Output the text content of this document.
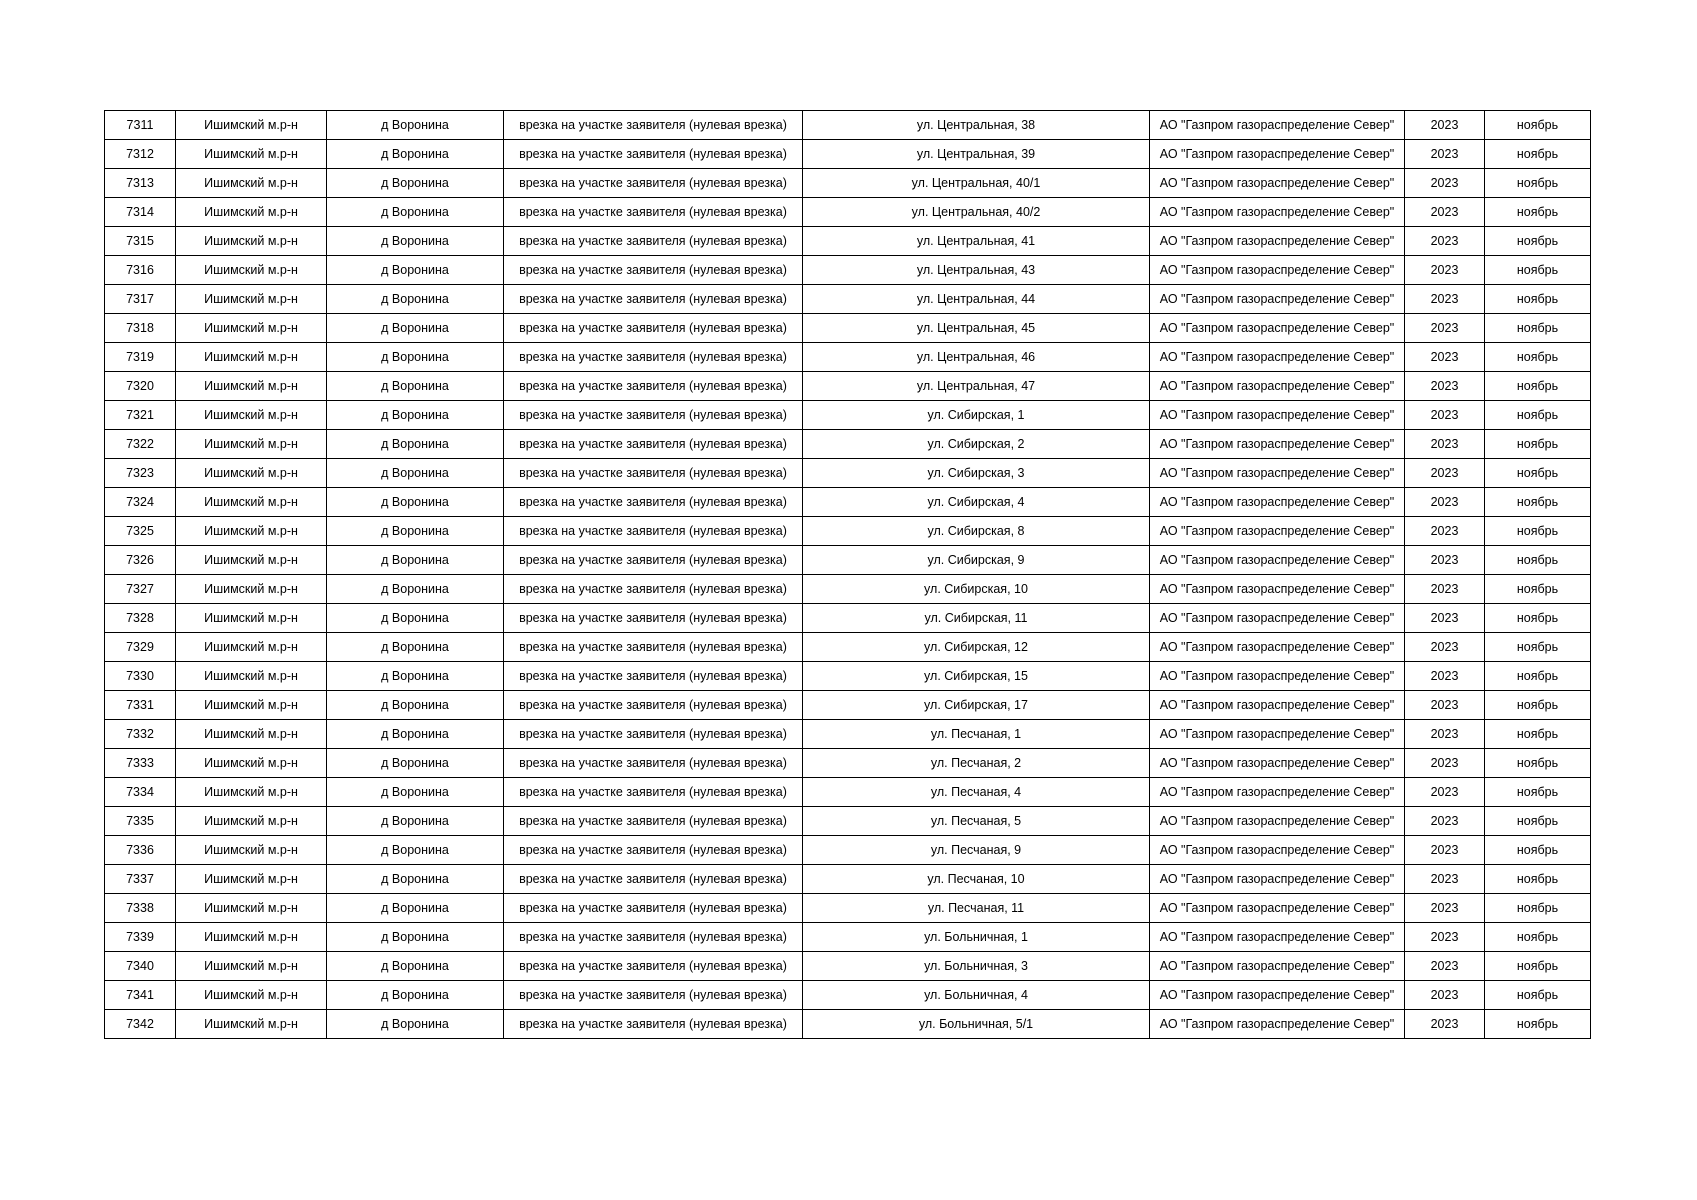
7311	Ишимский м.р-н	д Воронина	врезка на участке заявителя (нулевая врезка)	ул. Центральная, 38	АО "Газпром газораспределение Север"	2023	ноябрь
7312	Ишимский м.р-н	д Воронина	врезка на участке заявителя (нулевая врезка)	ул. Центральная, 39	АО "Газпром газораспределение Север"	2023	ноябрь
7313	Ишимский м.р-н	д Воронина	врезка на участке заявителя (нулевая врезка)	ул. Центральная, 40/1	АО "Газпром газораспределение Север"	2023	ноябрь
7314	Ишимский м.р-н	д Воронина	врезка на участке заявителя (нулевая врезка)	ул. Центральная, 40/2	АО "Газпром газораспределение Север"	2023	ноябрь
7315	Ишимский м.р-н	д Воронина	врезка на участке заявителя (нулевая врезка)	ул. Центральная, 41	АО "Газпром газораспределение Север"	2023	ноябрь
7316	Ишимский м.р-н	д Воронина	врезка на участке заявителя (нулевая врезка)	ул. Центральная, 43	АО "Газпром газораспределение Север"	2023	ноябрь
7317	Ишимский м.р-н	д Воронина	врезка на участке заявителя (нулевая врезка)	ул. Центральная, 44	АО "Газпром газораспределение Север"	2023	ноябрь
7318	Ишимский м.р-н	д Воронина	врезка на участке заявителя (нулевая врезка)	ул. Центральная, 45	АО "Газпром газораспределение Север"	2023	ноябрь
7319	Ишимский м.р-н	д Воронина	врезка на участке заявителя (нулевая врезка)	ул. Центральная, 46	АО "Газпром газораспределение Север"	2023	ноябрь
7320	Ишимский м.р-н	д Воронина	врезка на участке заявителя (нулевая врезка)	ул. Центральная, 47	АО "Газпром газораспределение Север"	2023	ноябрь
7321	Ишимский м.р-н	д Воронина	врезка на участке заявителя (нулевая врезка)	ул. Сибирская, 1	АО "Газпром газораспределение Север"	2023	ноябрь
7322	Ишимский м.р-н	д Воронина	врезка на участке заявителя (нулевая врезка)	ул. Сибирская, 2	АО "Газпром газораспределение Север"	2023	ноябрь
7323	Ишимский м.р-н	д Воронина	врезка на участке заявителя (нулевая врезка)	ул. Сибирская, 3	АО "Газпром газораспределение Север"	2023	ноябрь
7324	Ишимский м.р-н	д Воронина	врезка на участке заявителя (нулевая врезка)	ул. Сибирская, 4	АО "Газпром газораспределение Север"	2023	ноябрь
7325	Ишимский м.р-н	д Воронина	врезка на участке заявителя (нулевая врезка)	ул. Сибирская, 8	АО "Газпром газораспределение Север"	2023	ноябрь
7326	Ишимский м.р-н	д Воронина	врезка на участке заявителя (нулевая врезка)	ул. Сибирская, 9	АО "Газпром газораспределение Север"	2023	ноябрь
7327	Ишимский м.р-н	д Воронина	врезка на участке заявителя (нулевая врезка)	ул. Сибирская, 10	АО "Газпром газораспределение Север"	2023	ноябрь
7328	Ишимский м.р-н	д Воронина	врезка на участке заявителя (нулевая врезка)	ул. Сибирская, 11	АО "Газпром газораспределение Север"	2023	ноябрь
7329	Ишимский м.р-н	д Воронина	врезка на участке заявителя (нулевая врезка)	ул. Сибирская, 12	АО "Газпром газораспределение Север"	2023	ноябрь
7330	Ишимский м.р-н	д Воронина	врезка на участке заявителя (нулевая врезка)	ул. Сибирская, 15	АО "Газпром газораспределение Север"	2023	ноябрь
7331	Ишимский м.р-н	д Воронина	врезка на участке заявителя (нулевая врезка)	ул. Сибирская, 17	АО "Газпром газораспределение Север"	2023	ноябрь
7332	Ишимский м.р-н	д Воронина	врезка на участке заявителя (нулевая врезка)	ул. Песчаная, 1	АО "Газпром газораспределение Север"	2023	ноябрь
7333	Ишимский м.р-н	д Воронина	врезка на участке заявителя (нулевая врезка)	ул. Песчаная, 2	АО "Газпром газораспределение Север"	2023	ноябрь
7334	Ишимский м.р-н	д Воронина	врезка на участке заявителя (нулевая врезка)	ул. Песчаная, 4	АО "Газпром газораспределение Север"	2023	ноябрь
7335	Ишимский м.р-н	д Воронина	врезка на участке заявителя (нулевая врезка)	ул. Песчаная, 5	АО "Газпром газораспределение Север"	2023	ноябрь
7336	Ишимский м.р-н	д Воронина	врезка на участке заявителя (нулевая врезка)	ул. Песчаная, 9	АО "Газпром газораспределение Север"	2023	ноябрь
7337	Ишимский м.р-н	д Воронина	врезка на участке заявителя (нулевая врезка)	ул. Песчаная, 10	АО "Газпром газораспределение Север"	2023	ноябрь
7338	Ишимский м.р-н	д Воронина	врезка на участке заявителя (нулевая врезка)	ул. Песчаная, 11	АО "Газпром газораспределение Север"	2023	ноябрь
7339	Ишимский м.р-н	д Воронина	врезка на участке заявителя (нулевая врезка)	ул. Больничная, 1	АО "Газпром газораспределение Север"	2023	ноябрь
7340	Ишимский м.р-н	д Воронина	врезка на участке заявителя (нулевая врезка)	ул. Больничная, 3	АО "Газпром газораспределение Север"	2023	ноябрь
7341	Ишимский м.р-н	д Воронина	врезка на участке заявителя (нулевая врезка)	ул. Больничная, 4	АО "Газпром газораспределение Север"	2023	ноябрь
7342	Ишимский м.р-н	д Воронина	врезка на участке заявителя (нулевая врезка)	ул. Больничная, 5/1	АО "Газпром газораспределение Север"	2023	ноябрь
